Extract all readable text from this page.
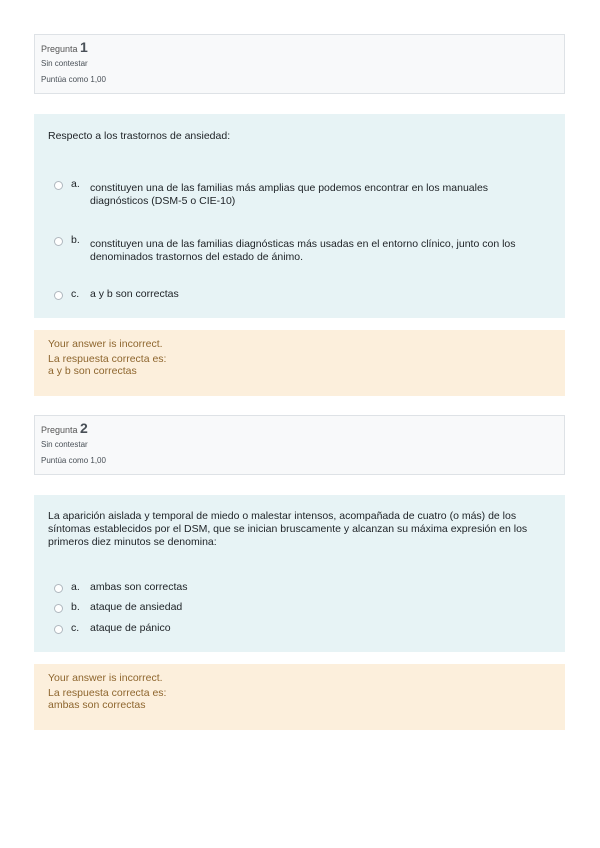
Pregunta 1
Sin contestar
Puntúa como 1,00
Respecto a los trastornos de ansiedad:
a. constituyen una de las familias más amplias que podemos encontrar en los manuales diagnósticos (DSM-5 o CIE-10)
b. constituyen una de las familias diagnósticas más usadas en el entorno clínico, junto con los denominados trastornos del estado de ánimo.
c. a y b son correctas
Your answer is incorrect.
La respuesta correcta es:
a y b son correctas
Pregunta 2
Sin contestar
Puntúa como 1,00
La aparición aislada y temporal de miedo o malestar intensos, acompañada de cuatro (o más) de los síntomas establecidos por el DSM, que se inician bruscamente y alcanzan su máxima expresión en los primeros diez minutos se denomina:
a. ambas son correctas
b. ataque de ansiedad
c. ataque de pánico
Your answer is incorrect.
La respuesta correcta es:
ambas son correctas
